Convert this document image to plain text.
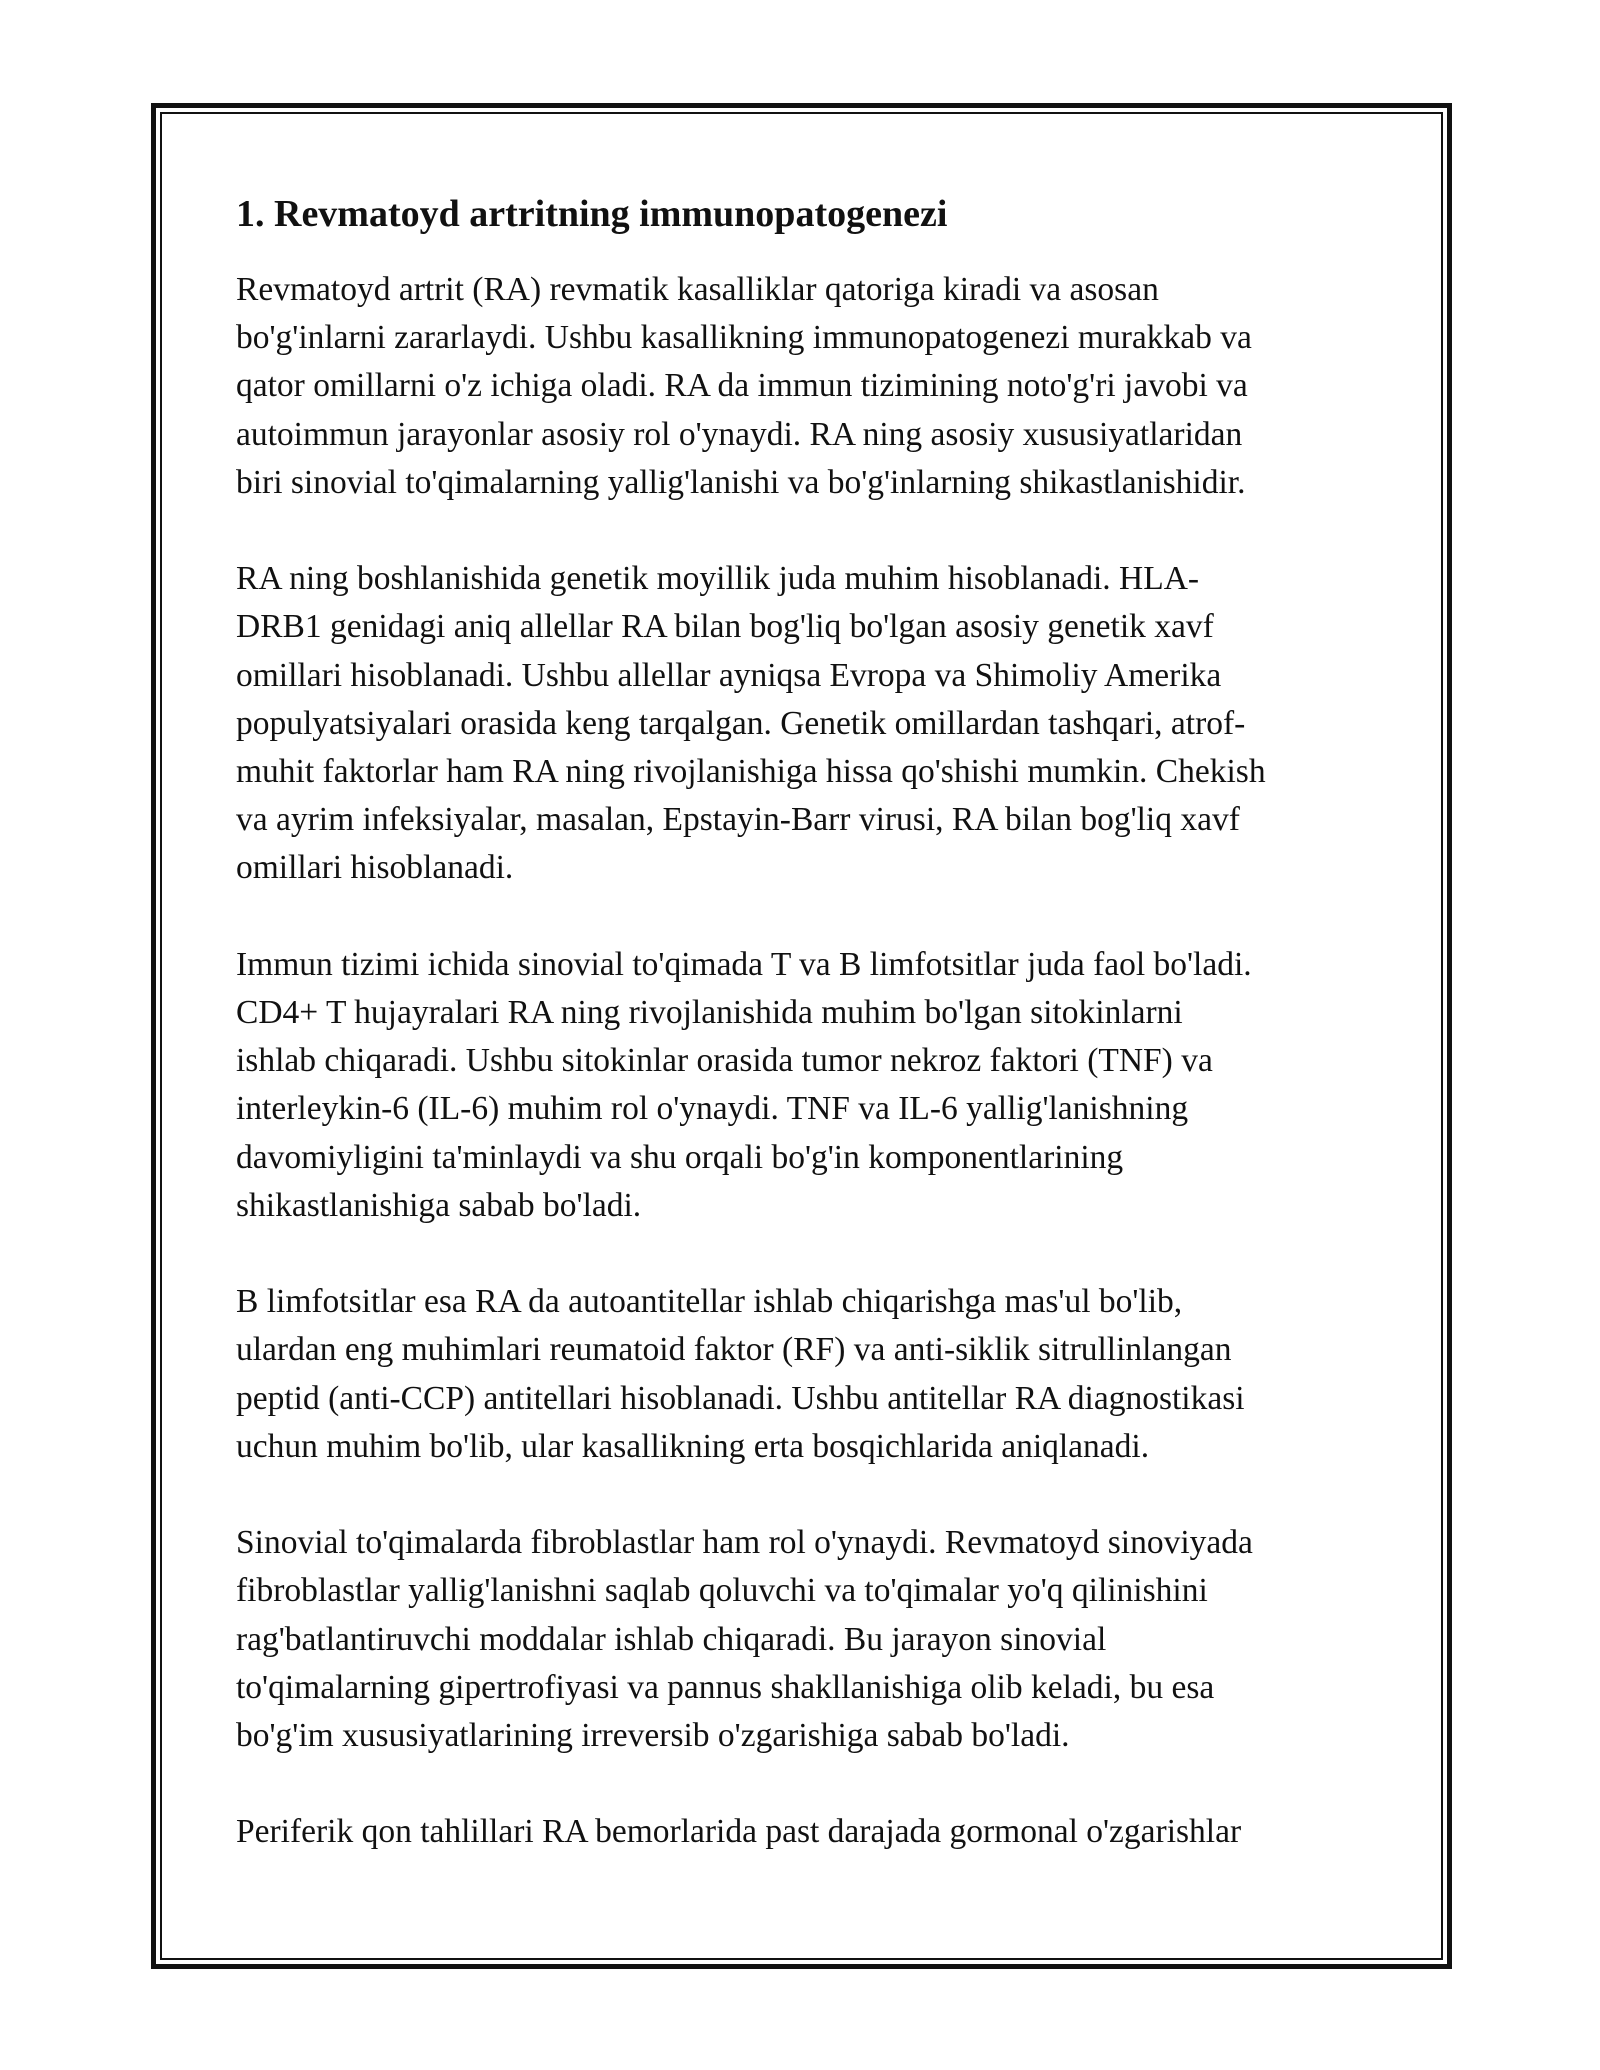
1. Revmatoyd artritning immunopatogenezi

Revmatoyd artrit (RA) revmatik kasalliklar qatoriga kiradi va asosan
bo'g'inlarni zararlaydi. Ushbu kasallikning immunopatogenezi murakkab va
qator omillarni o'z ichiga oladi. RA da immun tizimining noto'g'ri javobi va
autoimmun jarayonlar asosiy rol o'ynaydi. RA ning asosiy xususiyatlaridan
biri sinovial to'qimalarning yallig'lanishi va bo'g'inlarning shikastlanishidir.

RA ning boshlanishida genetik moyillik juda muhim hisoblanadi. HLA-
DRB1 genidagi aniq allellar RA bilan bog'liq bo'lgan asosiy genetik xavf
omillari hisoblanadi. Ushbu allellar ayniqsa Evropa va Shimoliy Amerika
populyatsiyalari orasida keng tarqalgan. Genetik omillardan tashqari, atrof-
muhit faktorlar ham RA ning rivojlanishiga hissa qo'shishi mumkin. Chekish
va ayrim infeksiyalar, masalan, Epstayin-Barr virusi, RA bilan bog'liq xavf
omillari hisoblanadi.

Immun tizimi ichida sinovial to'qimada T va B limfotsitlar juda faol bo'ladi.
CD4+ T hujayralari RA ning rivojlanishida muhim bo'lgan sitokinlarni
ishlab chiqaradi. Ushbu sitokinlar orasida tumor nekroz faktori (TNF) va
interleykin-6 (IL-6) muhim rol o'ynaydi. TNF va IL-6 yallig'lanishning
davomiyligini ta'minlaydi va shu orqali bo'g'in komponentlarining
shikastlanishiga sabab bo'ladi.

B limfotsitlar esa RA da autoantitellar ishlab chiqarishga mas'ul bo'lib,
ulardan eng muhimlari reumatoid faktor (RF) va anti-siklik sitrullinlangan
peptid (anti-CCP) antitellari hisoblanadi. Ushbu antitellar RA diagnostikasi
uchun muhim bo'lib, ular kasallikning erta bosqichlarida aniqlanadi.

Sinovial to'qimalarda fibroblastlar ham rol o'ynaydi. Revmatoyd sinoviyada
fibroblastlar yallig'lanishni saqlab qoluvchi va to'qimalar yo'q qilinishini
rag'batlantiruvchi moddalar ishlab chiqaradi. Bu jarayon sinovial
to'qimalarning gipertrofiyasi va pannus shakllanishiga olib keladi, bu esa
bo'g'im xususiyatlarining irreversib o'zgarishiga sabab bo'ladi.

Periferik qon tahlillari RA bemorlarida past darajada gormonal o'zgarishlar
